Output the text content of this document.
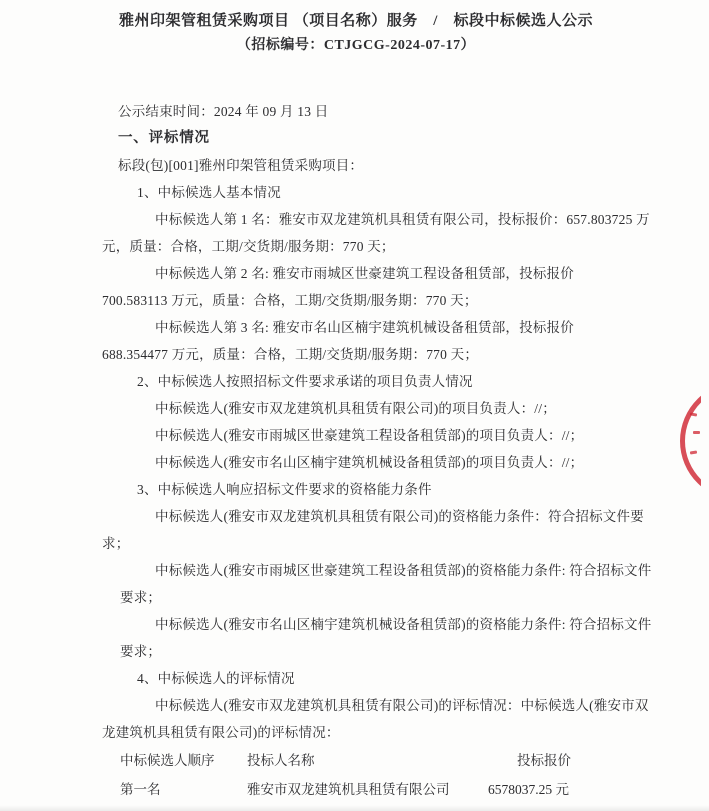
雅州印架管租赁采购项目 （项目名称）服务　/　标段中标候选人公示
（招标编号：CTJGCG-2024-07-17）
公示结束时间：2024 年 09 月 13 日
一、评标情况
标段(包)[001]雅州印架管租赁采购项目：
1、中标候选人基本情况
中标候选人第 1 名：雅安市双龙建筑机具租赁有限公司，投标报价：657.803725 万
元，质量：合格，工期/交货期/服务期：770 天；
中标候选人第 2 名: 雅安市雨城区世豪建筑工程设备租赁部，投标报价
700.583113 万元，质量：合格，工期/交货期/服务期：770 天；
中标候选人第 3 名: 雅安市名山区楠宇建筑机械设备租赁部，投标报价
688.354477 万元，质量：合格，工期/交货期/服务期：770 天；
2、中标候选人按照招标文件要求承诺的项目负责人情况
中标候选人(雅安市双龙建筑机具租赁有限公司)的项目负责人：//；
中标候选人(雅安市雨城区世豪建筑工程设备租赁部)的项目负责人：//；
中标候选人(雅安市名山区楠宇建筑机械设备租赁部)的项目负责人：//；
3、中标候选人响应招标文件要求的资格能力条件
中标候选人(雅安市双龙建筑机具租赁有限公司)的资格能力条件：符合招标文件要
求；
中标候选人(雅安市雨城区世豪建筑工程设备租赁部)的资格能力条件: 符合招标文件
要求；
中标候选人(雅安市名山区楠宇建筑机械设备租赁部)的资格能力条件: 符合招标文件
要求；
4、中标候选人的评标情况
中标候选人(雅安市双龙建筑机具租赁有限公司)的评标情况：中标候选人(雅安市双
龙建筑机具租赁有限公司)的评标情况：
中标候选人顺序 投标人名称	投标报价
第一名	雅安市双龙建筑机具租赁有限公司	6578037.25 元
